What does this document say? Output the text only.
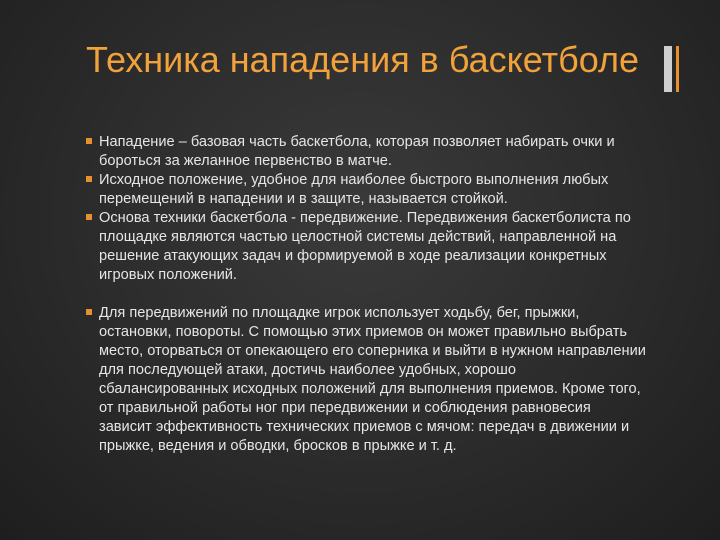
Техника нападения в баскетболе
Нападение – базовая часть баскетбола, которая позволяет набирать очки и бороться за желанное первенство в матче.
Исходное положение, удобное для наиболее быстрого выполнения любых перемещений в нападении и в защите, называется стойкой.
Основа техники баскетбола - передвижение. Передвижения баскетболиста по площадке являются частью целостной системы действий, направленной на решение атакующих задач и формируемой в ходе реализации конкретных игровых положений.
Для передвижений по площадке игрок использует ходьбу, бег, прыжки, остановки, повороты. С помощью этих приемов он может правильно выбрать место, оторваться от опекающего его соперника и выйти в нужном направлении для последующей атаки, достичь наиболее удобных, хорошо сбалансированных исходных положений для выполнения приемов. Кроме того, от правильной работы ног при передвижении и соблюдения равновесия зависит эффективность технических приемов с мячом: передач в движении и прыжке, ведения и обводки, бросков в прыжке и т. д.
